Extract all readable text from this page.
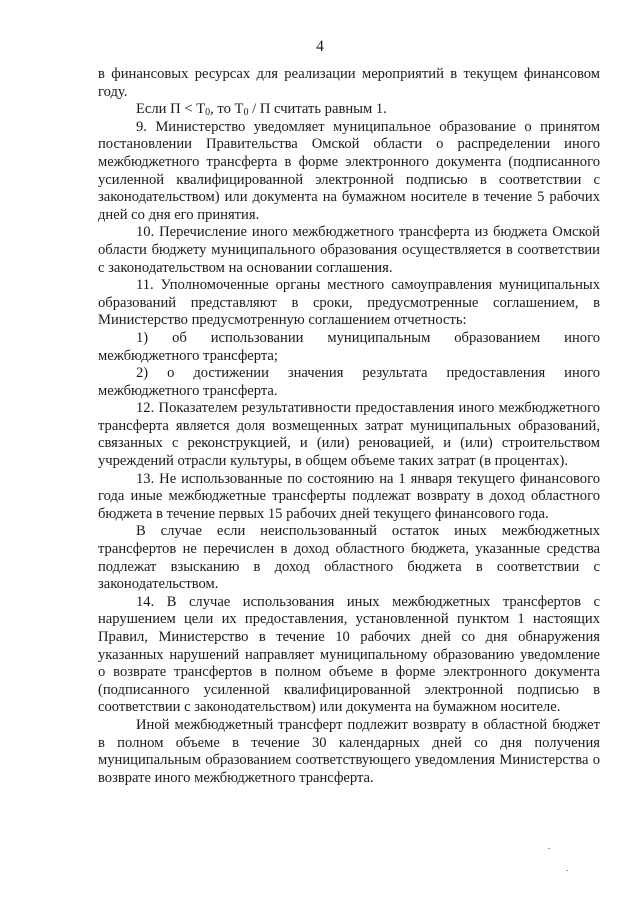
4

в финансовых ресурсах для реализации мероприятий в текущем финансовом году.

Если $П < Т_0$, то $Т_0$ / П считать равным 1.

9. Министерство уведомляет муниципальное образование о принятом постановлении Правительства Омской области о распределении иного межбюджетного трансферта в форме электронного документа (подписанного усиленной квалифицированной электронной подписью в соответствии с законодательством) или документа на бумажном носителе в течение 5 рабочих дней со дня его принятия.

10. Перечисление иного межбюджетного трансферта из бюджета Омской области бюджету муниципального образования осуществляется в соответствии с законодательством на основании соглашения.

11. Уполномоченные органы местного самоуправления муниципальных образований представляют в сроки, предусмотренные соглашением, в Министерство предусмотренную соглашением отчетность:

1) об использовании муниципальным образованием иного межбюджетного трансферта;

2) о достижении значения результата предоставления иного межбюджетного трансферта.

12. Показателем результативности предоставления иного межбюджетного трансферта является доля возмещенных затрат муниципальных образований, связанных с реконструкцией, и (или) реновацией, и (или) строительством учреждений отрасли культуры, в общем объеме таких затрат (в процентах).

13. Не использованные по состоянию на 1 января текущего финансового года иные межбюджетные трансферты подлежат возврату в доход областного бюджета в течение первых 15 рабочих дней текущего финансового года.

В случае если неиспользованный остаток иных межбюджетных трансфертов не перечислен в доход областного бюджета, указанные средства подлежат взысканию в доход областного бюджета в соответствии с законодательством.

14. В случае использования иных межбюджетных трансфертов с нарушением цели их предоставления, установленной пунктом 1 настоящих Правил, Министерство в течение 10 рабочих дней со дня обнаружения указанных нарушений направляет муниципальному образованию уведомление о возврате трансфертов в полном объеме в форме электронного документа (подписанного усиленной квалифицированной электронной подписью в соответствии с законодательством) или документа на бумажном носителе.

Иной межбюджетный трансферт подлежит возврату в областной бюджет в полном объеме в течение 30 календарных дней со дня получения муниципальным образованием соответствующего уведомления Министерства о возврате иного межбюджетного трансферта.
